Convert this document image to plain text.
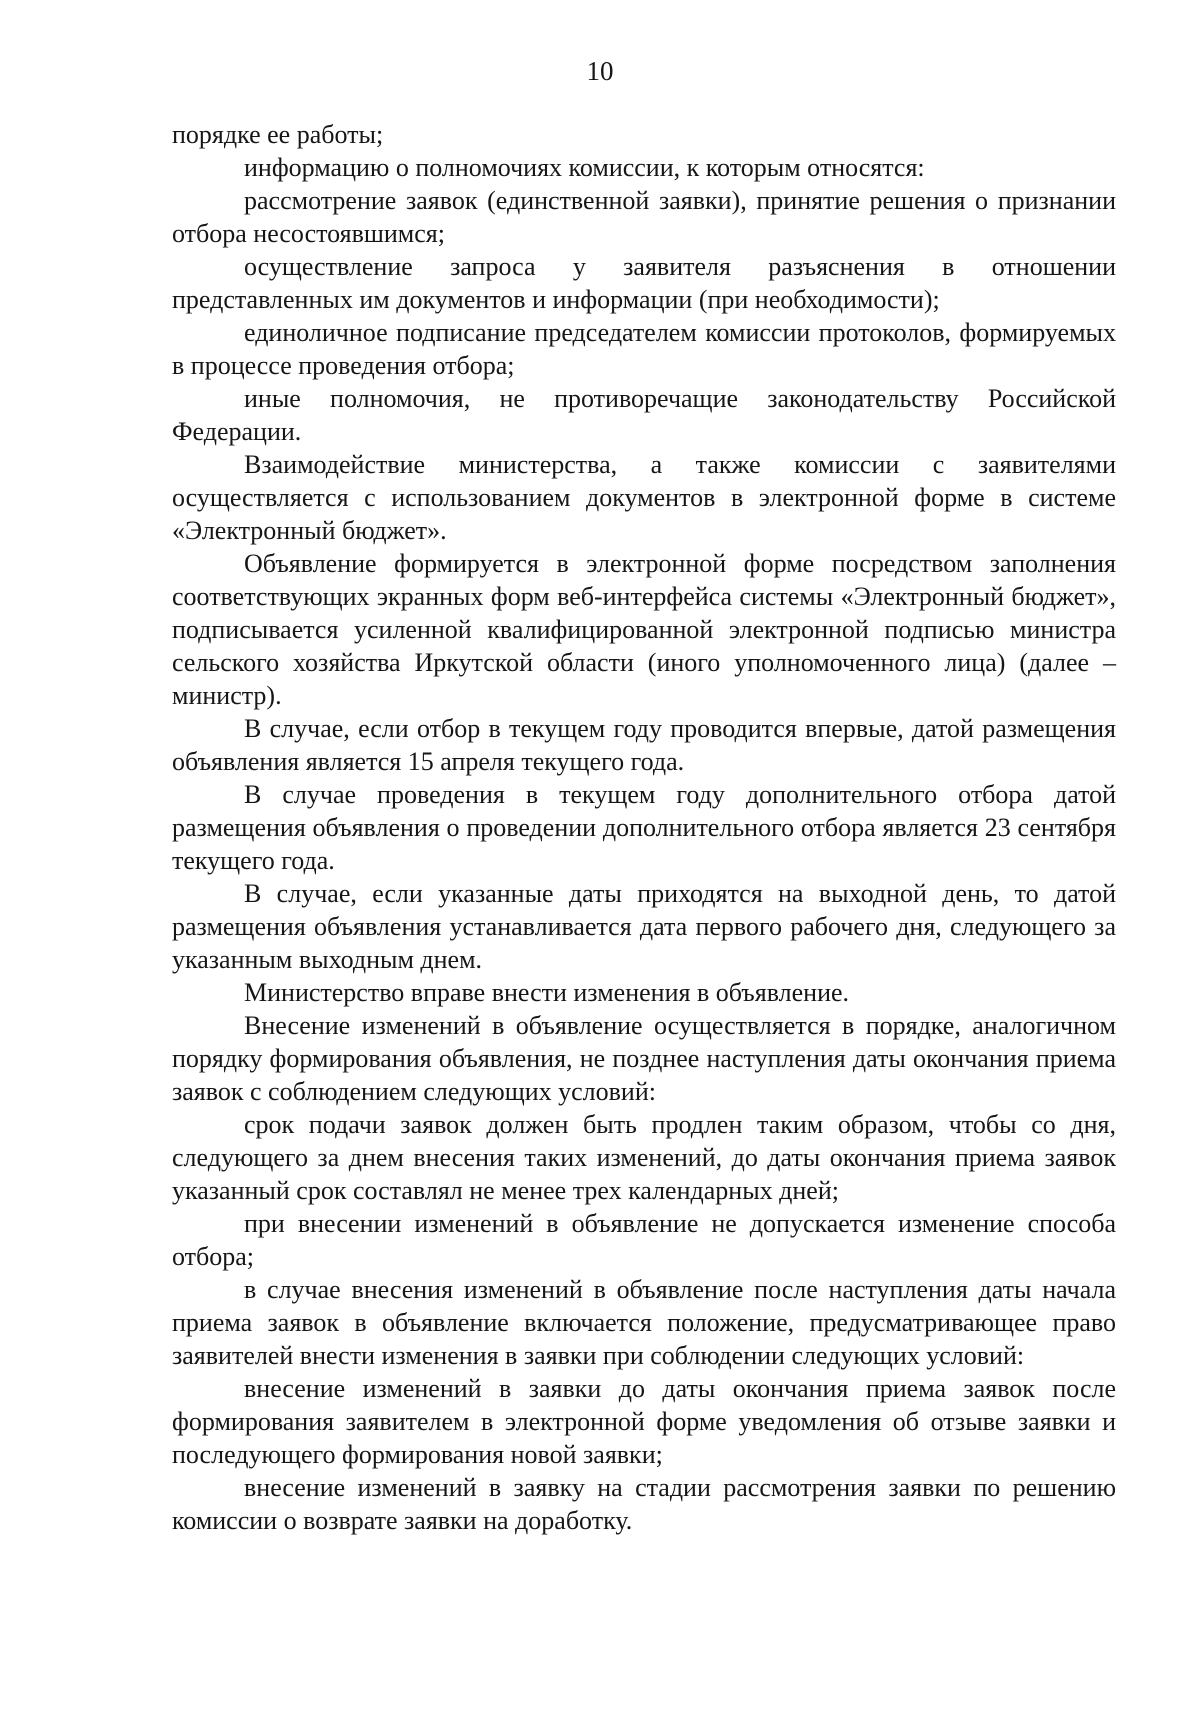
10

порядке ее работы;

информацию о полномочиях комиссии, к которым относятся:

рассмотрение заявок (единственной заявки), принятие решения о признании отбора несостоявшимся;

осуществление запроса у заявителя разъяснения в отношении представленных им документов и информации (при необходимости);

единоличное подписание председателем комиссии протоколов, формируемых в процессе проведения отбора;

иные полномочия, не противоречащие законодательству Российской Федерации.

Взаимодействие министерства, а также комиссии с заявителями осуществляется с использованием документов в электронной форме в системе «Электронный бюджет».

Объявление формируется в электронной форме посредством заполнения соответствующих экранных форм веб-интерфейса системы «Электронный бюджет», подписывается усиленной квалифицированной электронной подписью министра сельского хозяйства Иркутской области (иного уполномоченного лица) (далее – министр).

В случае, если отбор в текущем году проводится впервые, датой размещения объявления является 15 апреля текущего года.

В случае проведения в текущем году дополнительного отбора датой размещения объявления о проведении дополнительного отбора является 23 сентября текущего года.

В случае, если указанные даты приходятся на выходной день, то датой размещения объявления устанавливается дата первого рабочего дня, следующего за указанным выходным днем.

Министерство вправе внести изменения в объявление.

Внесение изменений в объявление осуществляется в порядке, аналогичном порядку формирования объявления, не позднее наступления даты окончания приема заявок с соблюдением следующих условий:

срок подачи заявок должен быть продлен таким образом, чтобы со дня, следующего за днем внесения таких изменений, до даты окончания приема заявок указанный срок составлял не менее трех календарных дней;

при внесении изменений в объявление не допускается изменение способа отбора;

в случае внесения изменений в объявление после наступления даты начала приема заявок в объявление включается положение, предусматривающее право заявителей внести изменения в заявки при соблюдении следующих условий:

внесение изменений в заявки до даты окончания приема заявок после формирования заявителем в электронной форме уведомления об отзыве заявки и последующего формирования новой заявки;

внесение изменений в заявку на стадии рассмотрения заявки по решению комиссии о возврате заявки на доработку.
